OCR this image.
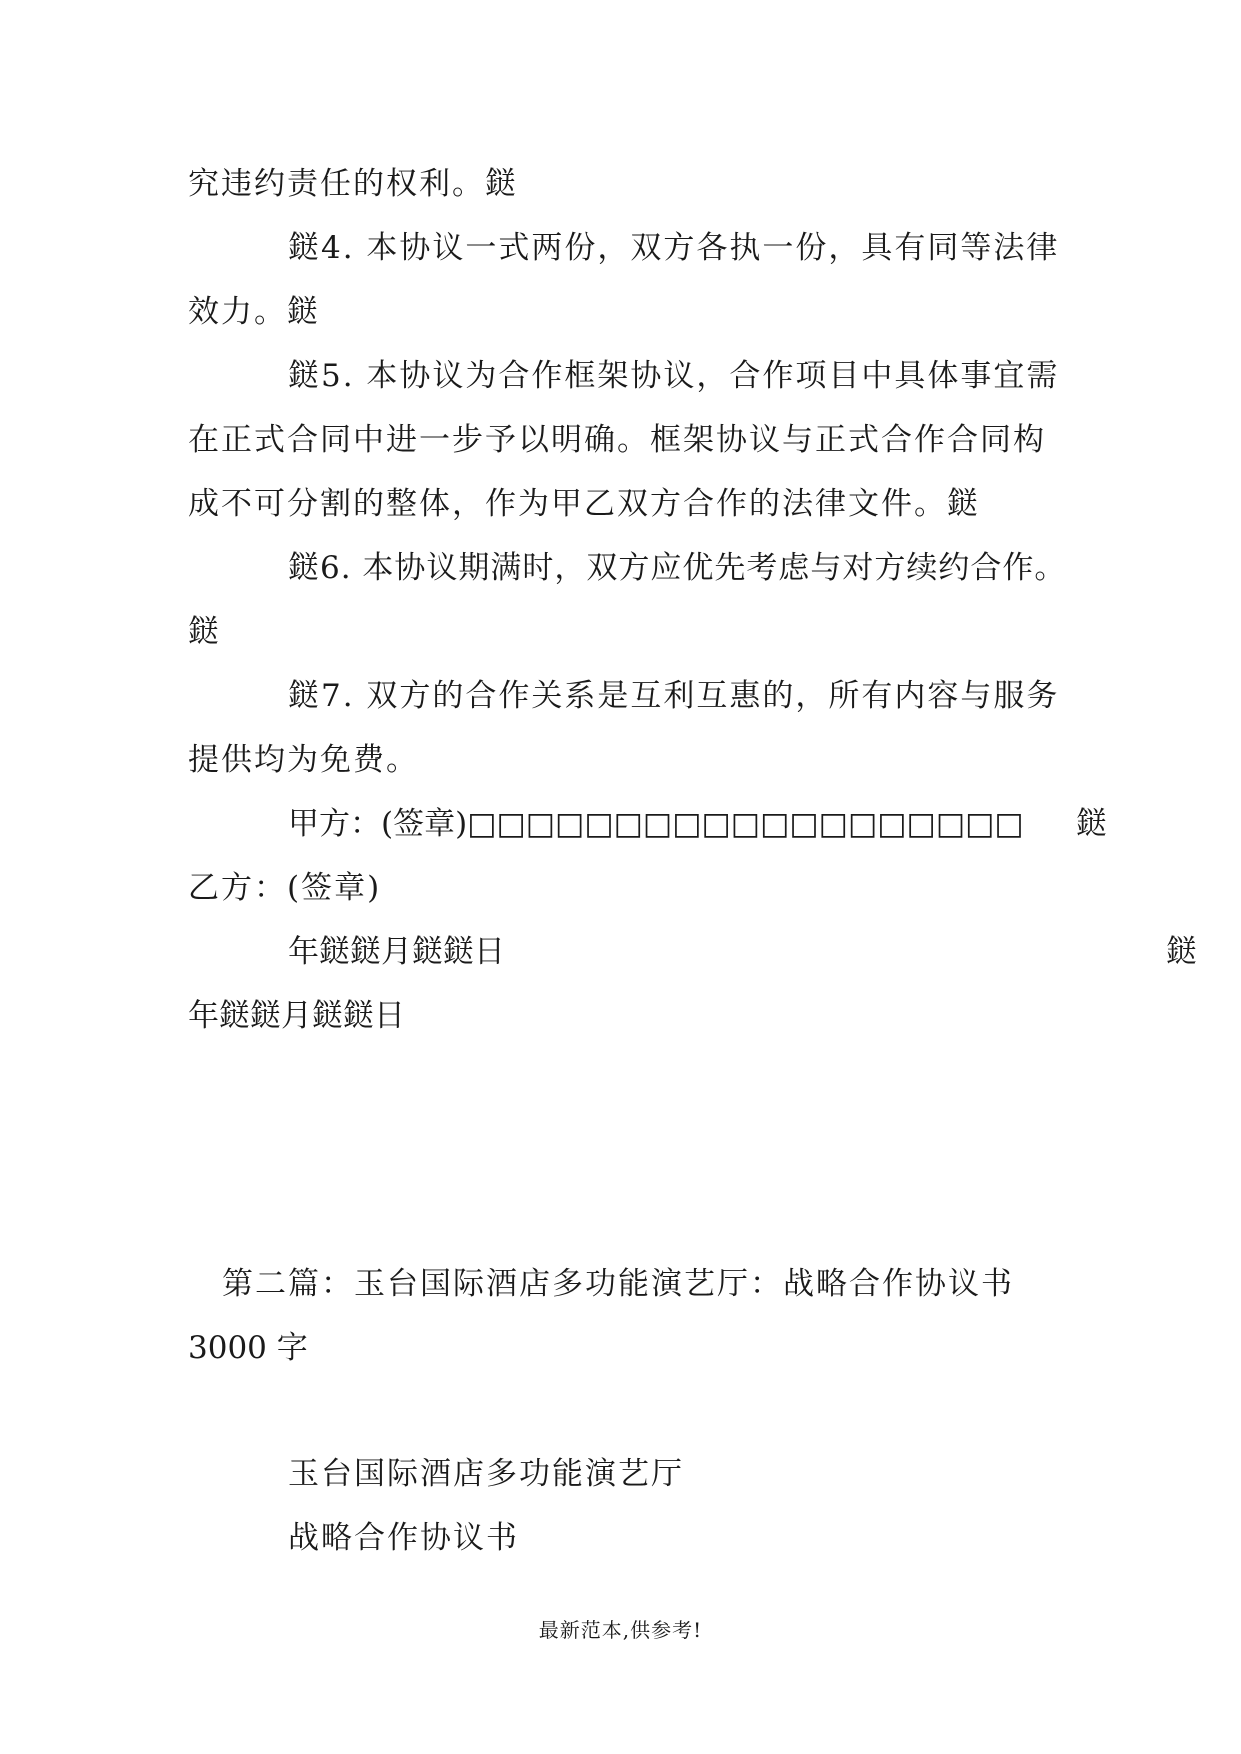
究违约责任的权利。鎹
鎹4. 本协议一式两份，双方各执一份，具有同等法律
效力。鎹
鎹5. 本协议为合作框架协议，合作项目中具体事宜需
在正式合同中进一步予以明确。框架协议与正式合作合同构
成不可分割的整体，作为甲乙双方合作的法律文件。鎹
鎹6. 本协议期满时，双方应优先考虑与对方续约合作。
鎹
鎹7. 双方的合作关系是互利互惠的，所有内容与服务
提供均为免费。
甲方：(签章)□□□□□□□□□□□□□□□□□□□ 鎹
乙方：(签章)
年鎹鎹月鎹鎹日	鎹
年鎹鎹月鎹鎹日
第二篇：玉台国际酒店多功能演艺厅：战略合作协议书
3000 字
玉台国际酒店多功能演艺厅
战略合作协议书
最新范本,供参考!
